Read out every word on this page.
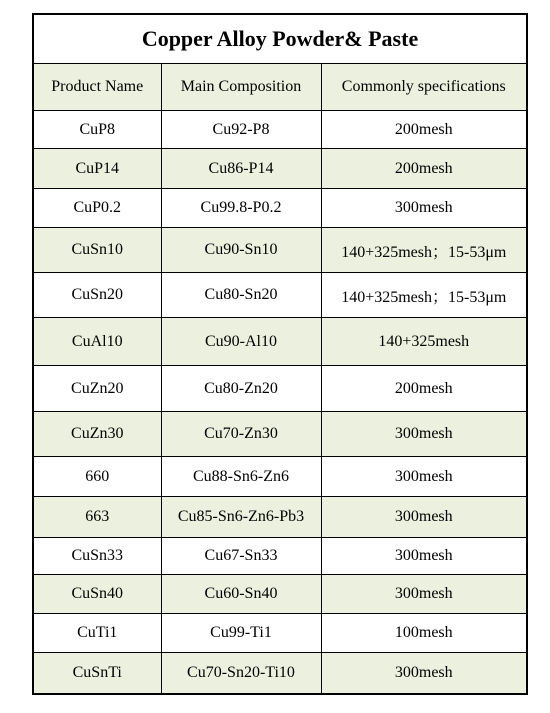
Copper Alloy Powder& Paste		
Product Name	Main Composition	Commonly specifications
CuP8	Cu92-P8	200mesh
CuP14	Cu86-P14	200mesh
CuP0.2	Cu99.8-P0.2	300mesh
CuSn10	Cu90-Sn10	140+325mesh；15-53μm
CuSn20	Cu80-Sn20	140+325mesh；15-53μm
CuAl10	Cu90-Al10	140+325mesh
CuZn20	Cu80-Zn20	200mesh
CuZn30	Cu70-Zn30	300mesh
660	Cu88-Sn6-Zn6	300mesh
663	Cu85-Sn6-Zn6-Pb3	300mesh
CuSn33	Cu67-Sn33	300mesh
CuSn40	Cu60-Sn40	300mesh
CuTi1	Cu99-Ti1	100mesh
CuSnTi	Cu70-Sn20-Ti10	300mesh
